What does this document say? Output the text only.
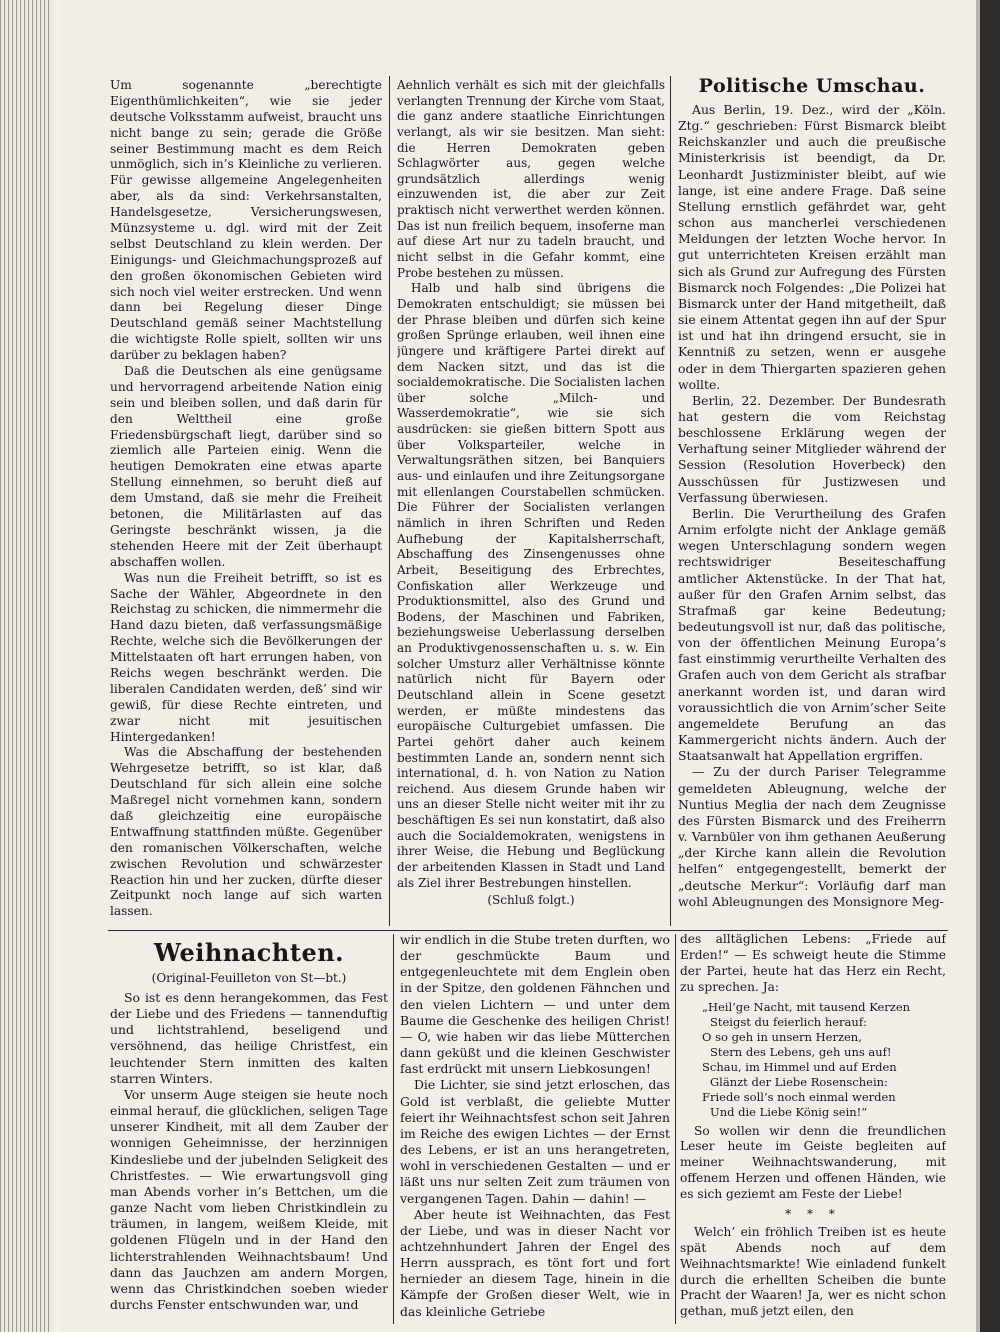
Um sogenannte „berechtigte Eigenthümlichkeiten“, wie sie jeder deutsche Volksstamm aufweist, braucht uns nicht bange zu sein; gerade die Größe seiner Bestimmung macht es dem Reich unmöglich, sich in’s Kleinliche zu verlieren. Für gewisse allgemeine Angelegenheiten aber, als da sind: Verkehrsanstalten, Handelsgesetze, Versicherungswesen, Münzsysteme u. dgl. wird mit der Zeit selbst Deutschland zu klein werden. Der Einigungs- und Gleichmachungsprozeß auf den großen ökonomischen Gebieten wird sich noch viel weiter erstrecken. Und wenn dann bei Regelung dieser Dinge Deutschland gemäß seiner Machtstellung die wichtigste Rolle spielt, sollten wir uns darüber zu beklagen haben?

Daß die Deutschen als eine genügsame und hervorragend arbeitende Nation einig sein und bleiben sollen, und daß darin für den Welttheil eine große Friedensbürgschaft liegt, darüber sind so ziemlich alle Parteien einig. Wenn die heutigen Demokraten eine etwas aparte Stellung einnehmen, so beruht dieß auf dem Umstand, daß sie mehr die Freiheit betonen, die Militärlasten auf das Geringste beschränkt wissen, ja die stehenden Heere mit der Zeit überhaupt abschaffen wollen.

Was nun die Freiheit betrifft, so ist es Sache der Wähler, Abgeordnete in den Reichstag zu schicken, die nimmermehr die Hand dazu bieten, daß verfassungsmäßige Rechte, welche sich die Bevölkerungen der Mittelstaaten oft hart errungen haben, von Reichs wegen beschränkt werden. Die liberalen Candidaten werden, deß’ sind wir gewiß, für diese Rechte eintreten, und zwar nicht mit jesuitischen Hintergedanken!

Was die Abschaffung der bestehenden Wehrgesetze betrifft, so ist klar, daß Deutschland für sich allein eine solche Maßregel nicht vornehmen kann, sondern daß gleichzeitig eine europäische Entwaffnung stattfinden müßte. Gegenüber den romanischen Völkerschaften, welche zwischen Revolution und schwärzester Reaction hin und her zucken, dürfte dieser Zeitpunkt noch lange auf sich warten lassen.

Aehnlich verhält es sich mit der gleichfalls verlangten Trennung der Kirche vom Staat, die ganz andere staatliche Einrichtungen verlangt, als wir sie besitzen. Man sieht: die Herren Demokraten geben Schlagwörter aus, gegen welche grundsätzlich allerdings wenig einzuwenden ist, die aber zur Zeit praktisch nicht verwerthet werden können. Das ist nun freilich bequem, insoferne man auf diese Art nur zu tadeln braucht, und nicht selbst in die Gefahr kommt, eine Probe bestehen zu müssen.

Halb und halb sind übrigens die Demokraten entschuldigt; sie müssen bei der Phrase bleiben und dürfen sich keine großen Sprünge erlauben, weil ihnen eine jüngere und kräftigere Partei direkt auf dem Nacken sitzt, und das ist die socialdemokratische. Die Socialisten lachen über solche „Milch- und Wasserdemokratie“, wie sie sich ausdrücken: sie gießen bittern Spott aus über Volksparteiler, welche in Verwaltungsräthen sitzen, bei Banquiers aus- und einlaufen und ihre Zeitungsorgane mit ellenlangen Courstabellen schmücken. Die Führer der Socialisten verlangen nämlich in ihren Schriften und Reden Aufhebung der Kapitalsherrschaft, Abschaffung des Zinsengenusses ohne Arbeit, Beseitigung des Erbrechtes, Confiskation aller Werkzeuge und Produktionsmittel, also des Grund und Bodens, der Maschinen und Fabriken, beziehungsweise Ueberlassung derselben an Produktivgenossenschaften u. s. w. Ein solcher Umsturz aller Verhältnisse könnte natürlich nicht für Bayern oder Deutschland allein in Scene gesetzt werden, er müßte mindestens das europäische Culturgebiet umfassen. Die Partei gehört daher auch keinem bestimmten Lande an, sondern nennt sich international, d. h. von Nation zu Nation reichend. Aus diesem Grunde haben wir uns an dieser Stelle nicht weiter mit ihr zu beschäftigen Es sei nun konstatirt, daß also auch die Socialdemokraten, wenigstens in ihrer Weise, die Hebung und Beglückung der arbeitenden Klassen in Stadt und Land als Ziel ihrer Bestrebungen hinstellen.

(Schluß folgt.)
Politische Umschau.

Aus Berlin, 19. Dez., wird der „Köln. Ztg.“ geschrieben: Fürst Bismarck bleibt Reichskanzler und auch die preußische Ministerkrisis ist beendigt, da Dr. Leonhardt Justizminister bleibt, auf wie lange, ist eine andere Frage. Daß seine Stellung ernstlich gefährdet war, geht schon aus mancherlei verschiedenen Meldungen der letzten Woche hervor. In gut unterrichteten Kreisen erzählt man sich als Grund zur Aufregung des Fürsten Bismarck noch Folgendes: „Die Polizei hat Bismarck unter der Hand mitgetheilt, daß sie einem Attentat gegen ihn auf der Spur ist und hat ihn dringend ersucht, sie in Kenntniß zu setzen, wenn er ausgehe oder in dem Thiergarten spazieren gehen wollte.

Berlin, 22. Dezember. Der Bundesrath hat gestern die vom Reichstag beschlossene Erklärung wegen der Verhaftung seiner Mitglieder während der Session (Resolution Hoverbeck) den Ausschüssen für Justizwesen und Verfassung überwiesen.

Berlin. Die Verurtheilung des Grafen Arnim erfolgte nicht der Anklage gemäß wegen Unterschlagung sondern wegen rechtswidriger Beseiteschaffung amtlicher Aktenstücke. In der That hat, außer für den Grafen Arnim selbst, das Strafmaß gar keine Bedeutung; bedeutungsvoll ist nur, daß das politische, von der öffentlichen Meinung Europa’s fast einstimmig verurtheilte Verhalten des Grafen auch von dem Gericht als strafbar anerkannt worden ist, und daran wird voraussichtlich die von Arnim’scher Seite angemeldete Berufung an das Kammergericht nichts ändern. Auch der Staatsanwalt hat Appellation ergriffen.

— Zu der durch Pariser Telegramme gemeldeten Ableugnung, welche der Nuntius Meglia der nach dem Zeugnisse des Fürsten Bismarck und des Freiherrn v. Varnbüler von ihm gethanen Aeußerung „der Kirche kann allein die Revolution helfen“ entgegengestellt, bemerkt der „deutsche Merkur“: Vorläufig darf man wohl Ableugnungen des Monsignore Meg-

Weihnachten.
(Original-Feuilleton von St—bt.)

So ist es denn herangekommen, das Fest der Liebe und des Friedens — tannenduftig und lichtstrahlend, beseligend und versöhnend, das heilige Christfest, ein leuchtender Stern inmitten des kalten starren Winters.

Vor unserm Auge steigen sie heute noch einmal herauf, die glücklichen, seligen Tage unserer Kindheit, mit all dem Zauber der wonnigen Geheimnisse, der herzinnigen Kindesliebe und der jubelnden Seligkeit des Christfestes. — Wie erwartungsvoll ging man Abends vorher in’s Bettchen, um die ganze Nacht vom lieben Christkindlein zu träumen, in langem, weißem Kleide, mit goldenen Flügeln und in der Hand den lichterstrahlenden Weihnachtsbaum! Und dann das Jauchzen am andern Morgen, wenn das Christkindchen soeben wieder durchs Fenster entschwunden war, und

wir endlich in die Stube treten durften, wo der geschmückte Baum und entgegenleuchtete mit dem Englein oben in der Spitze, den goldenen Fähnchen und den vielen Lichtern — und unter dem Baume die Geschenke des heiligen Christ! — O, wie haben wir das liebe Mütterchen dann geküßt und die kleinen Geschwister fast erdrückt mit unsern Liebkosungen!

Die Lichter, sie sind jetzt erloschen, das Gold ist verblaßt, die geliebte Mutter feiert ihr Weihnachtsfest schon seit Jahren im Reiche des ewigen Lichtes — der Ernst des Lebens, er ist an uns herangetreten, wohl in verschiedenen Gestalten — und er läßt uns nur selten Zeit zum träumen von vergangenen Tagen. Dahin — dahin! —

Aber heute ist Weihnachten, das Fest der Liebe, und was in dieser Nacht vor achtzehnhundert Jahren der Engel des Herrn aussprach, es tönt fort und fort hernieder an diesem Tage, hinein in die Kämpfe der Großen dieser Welt, wie in das kleinliche Getriebe

des alltäglichen Lebens: „Friede auf Erden!“ — Es schweigt heute die Stimme der Partei, heute hat das Herz ein Recht, zu sprechen. Ja:

„Heil’ge Nacht, mit tausend Kerzen
Steigst du feierlich herauf:
O so geh in unsern Herzen,
Stern des Lebens, geh uns auf!
Schau, im Himmel und auf Erden
Glänzt der Liebe Rosenschein:
Friede soll’s noch einmal werden
Und die Liebe König sein!“

So wollen wir denn die freundlichen Leser heute im Geiste begleiten auf meiner Weihnachtswanderung, mit offenem Herzen und offenen Händen, wie es sich geziemt am Feste der Liebe!

* * *

Welch’ ein fröhlich Treiben ist es heute spät Abends noch auf dem Weihnachtsmarkte! Wie einladend funkelt durch die erhellten Scheiben die bunte Pracht der Waaren! Ja, wer es nicht schon gethan, muß jetzt eilen, den
